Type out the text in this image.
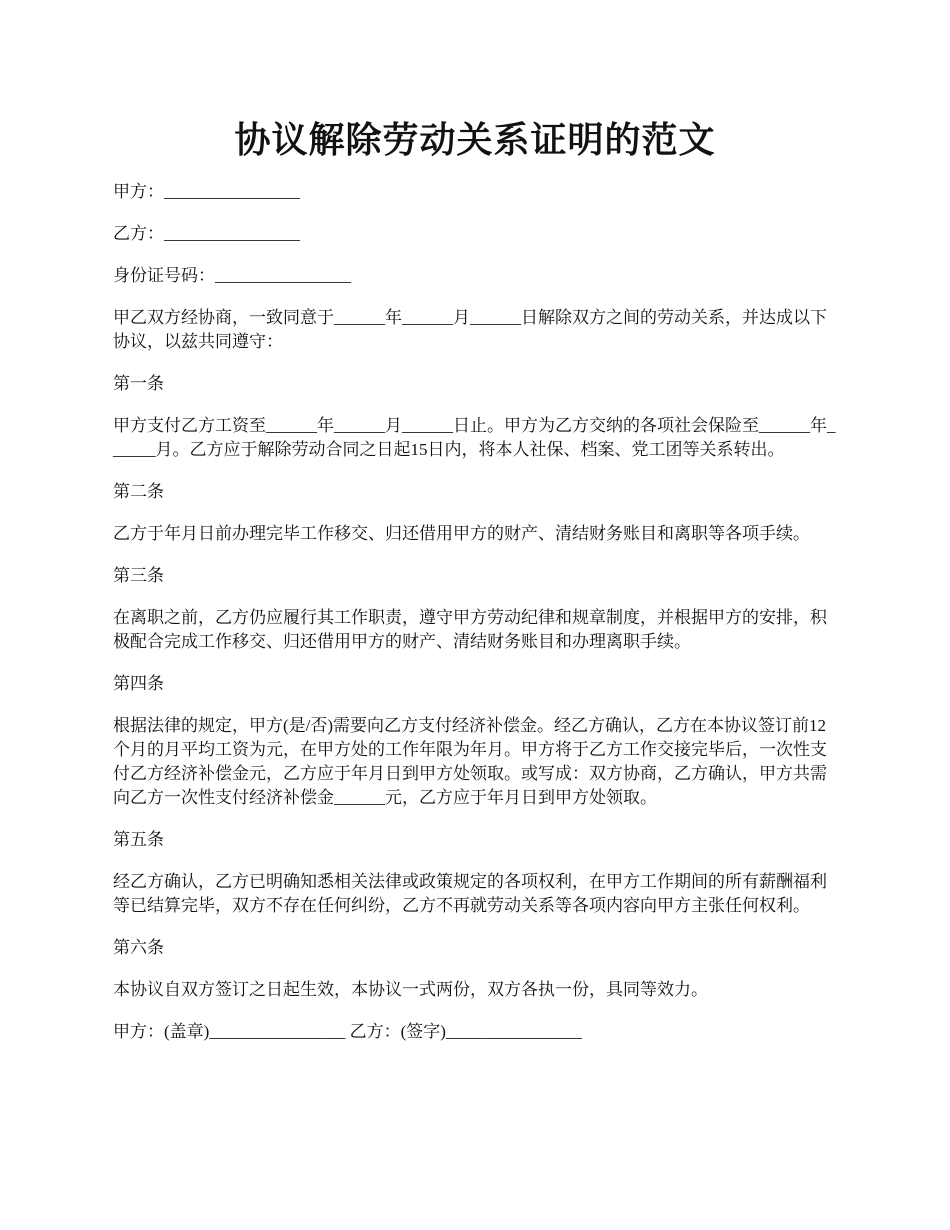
协议解除劳动关系证明的范文

甲方：________________

乙方：________________

身份证号码：________________

甲乙双方经协商，一致同意于______年______月______日解除双方之间的劳动关系，并达成以下协议，以兹共同遵守：

第一条

甲方支付乙方工资至______年______月______日止。甲方为乙方交纳的各项社会保险至______年______月。乙方应于解除劳动合同之日起15日内，将本人社保、档案、党工团等关系转出。

第二条

乙方于年月日前办理完毕工作移交、归还借用甲方的财产、清结财务账目和离职等各项手续。

第三条

在离职之前，乙方仍应履行其工作职责，遵守甲方劳动纪律和规章制度，并根据甲方的安排，积极配合完成工作移交、归还借用甲方的财产、清结财务账目和办理离职手续。

第四条

根据法律的规定，甲方(是/否)需要向乙方支付经济补偿金。经乙方确认，乙方在本协议签订前12个月的月平均工资为元，在甲方处的工作年限为年月。甲方将于乙方工作交接完毕后，一次性支付乙方经济补偿金元，乙方应于年月日到甲方处领取。或写成：双方协商，乙方确认，甲方共需向乙方一次性支付经济补偿金______元，乙方应于年月日到甲方处领取。

第五条

经乙方确认，乙方已明确知悉相关法律或政策规定的各项权利，在甲方工作期间的所有薪酬福利等已结算完毕，双方不存在任何纠纷，乙方不再就劳动关系等各项内容向甲方主张任何权利。

第六条

本协议自双方签订之日起生效，本协议一式两份，双方各执一份，具同等效力。

甲方：(盖章)________________ 乙方：(签字)________________
